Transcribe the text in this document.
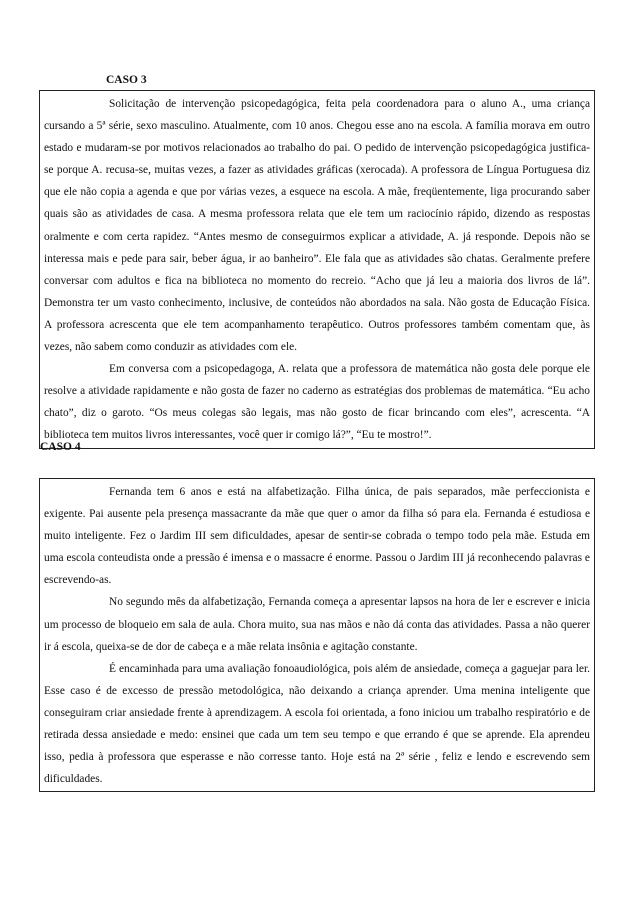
CASO 3

Solicitação de intervenção psicopedagógica, feita pela coordenadora para o aluno A., uma criança cursando a 5ª série, sexo masculino. Atualmente, com 10 anos. Chegou esse ano na escola. A família morava em outro estado e mudaram-se por motivos relacionados ao trabalho do pai. O pedido de intervenção psicopedagógica justifica-se porque A. recusa-se, muitas vezes, a fazer as atividades gráficas (xerocada). A professora de Língua Portuguesa diz que ele não copia a agenda e que por várias vezes, a esquece na escola. A mãe, freqüentemente, liga procurando saber quais são as atividades de casa. A mesma professora relata que ele tem um raciocínio rápido, dizendo as respostas oralmente e com certa rapidez. “Antes mesmo de conseguirmos explicar a atividade, A. já responde. Depois não se interessa mais e pede para sair, beber água, ir ao banheiro”. Ele fala que as atividades são chatas. Geralmente prefere conversar com adultos e fica na biblioteca no momento do recreio. “Acho que já leu a maioria dos livros de lá”. Demonstra ter um vasto conhecimento, inclusive, de conteúdos não abordados na sala. Não gosta de Educação Física. A professora acrescenta que ele tem acompanhamento terapêutico. Outros professores também comentam que, às vezes, não sabem como conduzir as atividades com ele.

Em conversa com a psicopedagoga, A. relata que a professora de matemática não gosta dele porque ele resolve a atividade rapidamente e não gosta de fazer no caderno as estratégias dos problemas de matemática. “Eu acho chato”, diz o garoto. “Os meus colegas são legais, mas não gosto de ficar brincando com eles”, acrescenta. “A biblioteca tem muitos livros interessantes, você quer ir comigo lá?”, “Eu te mostro!”.

CASO 4

Fernanda tem 6 anos e está na alfabetização. Filha única, de pais separados, mãe perfeccionista e exigente. Pai ausente pela presença massacrante da mãe que quer o amor da filha só para ela. Fernanda é estudiosa e muito inteligente. Fez o Jardim III sem dificuldades, apesar de sentir-se cobrada o tempo todo pela mãe. Estuda em uma escola conteudista onde a pressão é imensa e o massacre é enorme. Passou o Jardim III já reconhecendo palavras e escrevendo-as.

No segundo mês da alfabetização, Fernanda começa a apresentar lapsos na hora de ler e escrever e inicia um processo de bloqueio em sala de aula. Chora muito, sua nas mãos e não dá conta das atividades. Passa a não querer ir á escola, queixa-se de dor de cabeça e a mãe relata insônia e agitação constante.

É encaminhada para uma avaliação fonoaudiológica, pois além de ansiedade, começa a gaguejar para ler. Esse caso é de excesso de pressão metodológica, não deixando a criança aprender. Uma menina inteligente que conseguiram criar ansiedade frente à aprendizagem. A escola foi orientada, a fono iniciou um trabalho respiratório e de retirada dessa ansiedade e medo: ensinei que cada um tem seu tempo e que errando é que se aprende. Ela aprendeu isso, pedia à professora que esperasse e não corresse tanto. Hoje está na 2ª série , feliz e lendo e escrevendo sem dificuldades.
